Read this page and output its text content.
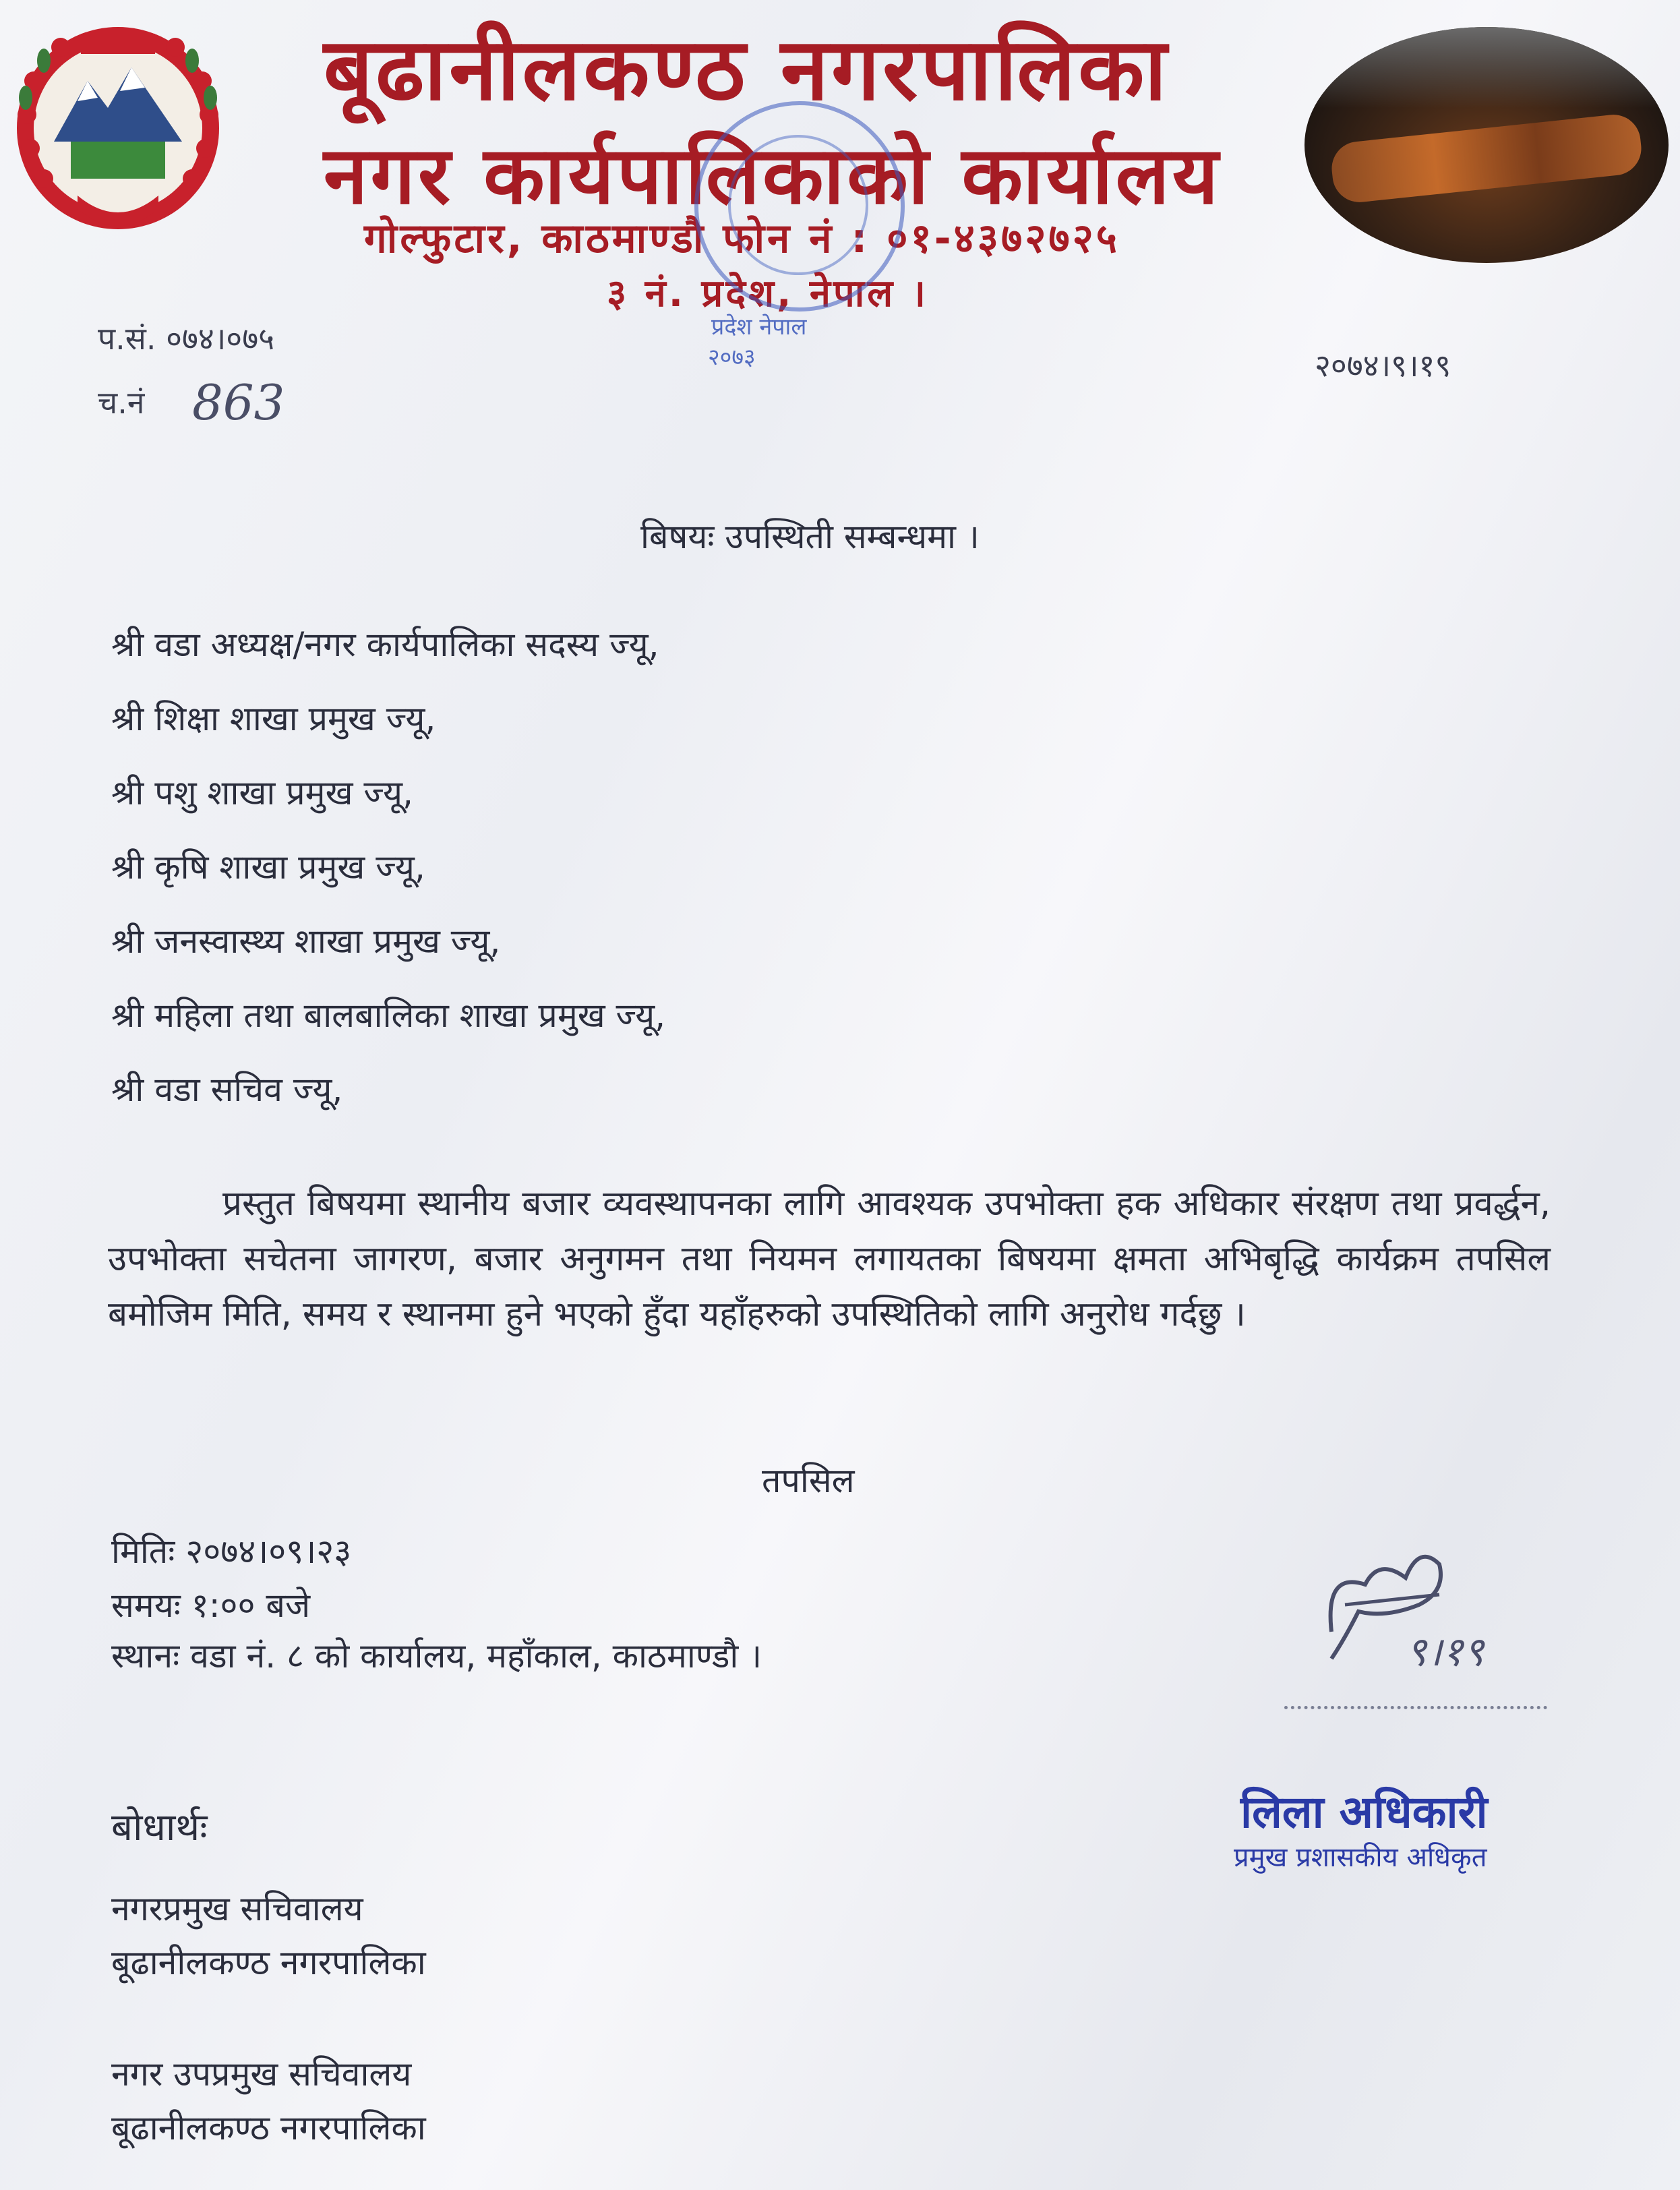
बूढानीलकण्ठ नगरपालिका
नगर कार्यपालिकाको कार्यालय
गोल्फुटार, काठमाण्डौ फोन नं : ०१-४३७२७२५
३ नं. प्रदेश, नेपाल ।
प्रदेश नेपाल
२०७३
प.सं. ०७४।०७५
च.नं 863
२०७४।९।१९
बिषयः उपस्थिती सम्बन्धमा ।
श्री वडा अध्यक्ष/नगर कार्यपालिका सदस्य ज्यू,
श्री शिक्षा शाखा प्रमुख ज्यू,
श्री पशु शाखा प्रमुख ज्यू,
श्री कृषि शाखा प्रमुख ज्यू,
श्री जनस्वास्थ्य शाखा प्रमुख ज्यू,
श्री महिला तथा बालबालिका शाखा प्रमुख ज्यू,
श्री वडा सचिव ज्यू,
प्रस्तुत बिषयमा स्थानीय बजार व्यवस्थापनका लागि आवश्यक उपभोक्ता हक अधिकार संरक्षण तथा प्रवर्द्धन, उपभोक्ता सचेतना जागरण, बजार अनुगमन तथा नियमन लगायतका बिषयमा क्षमता अभिबृद्धि कार्यक्रम तपसिल बमोजिम मिति, समय र स्थानमा हुने भएको हुँदा यहाँहरुको उपस्थितिको लागि अनुरोध गर्दछु ।
तपसिल
मितिः २०७४।०९।२३
समयः १:०० बजे
स्थानः वडा नं. ८ को कार्यालय, महाँकाल, काठमाण्डौ ।	९।१९
लिला अधिकारी
प्रमुख प्रशासकीय अधिकृत
बोधार्थः
नगरप्रमुख सचिवालय
बूढानीलकण्ठ नगरपालिका
नगर उपप्रमुख सचिवालय
बूढानीलकण्ठ नगरपालिका
